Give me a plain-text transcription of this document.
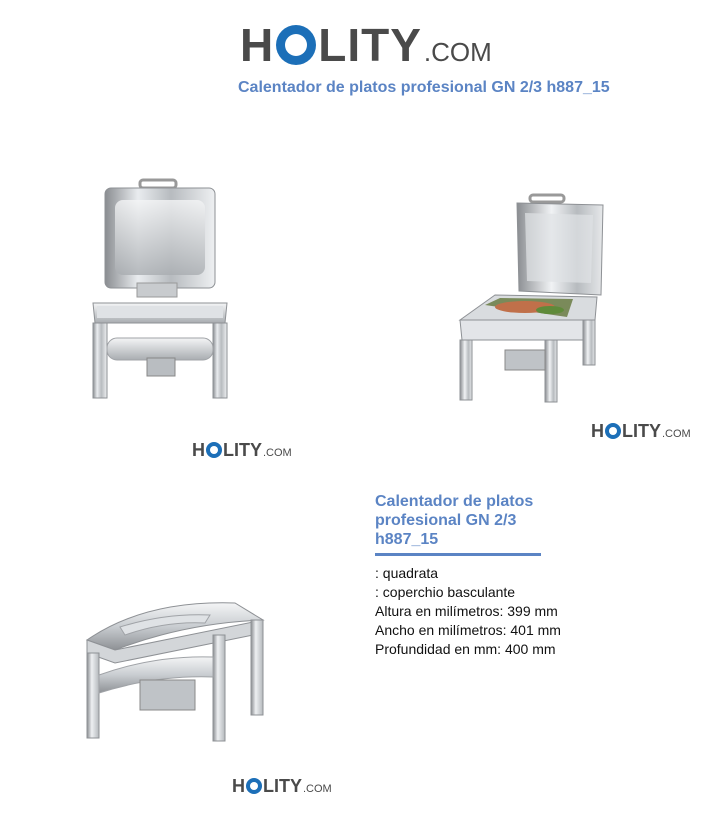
H LITY .COM
Calentador de platos profesional GN 2/3 h887_15
H LITY .COM
H LITY .COM
Calentador de platos
profesional GN 2/3
h887_15
: quadrata
: coperchio basculante
Altura en milímetros: 399 mm
Ancho en milímetros: 401 mm
Profundidad en mm: 400 mm
H LITY .COM
